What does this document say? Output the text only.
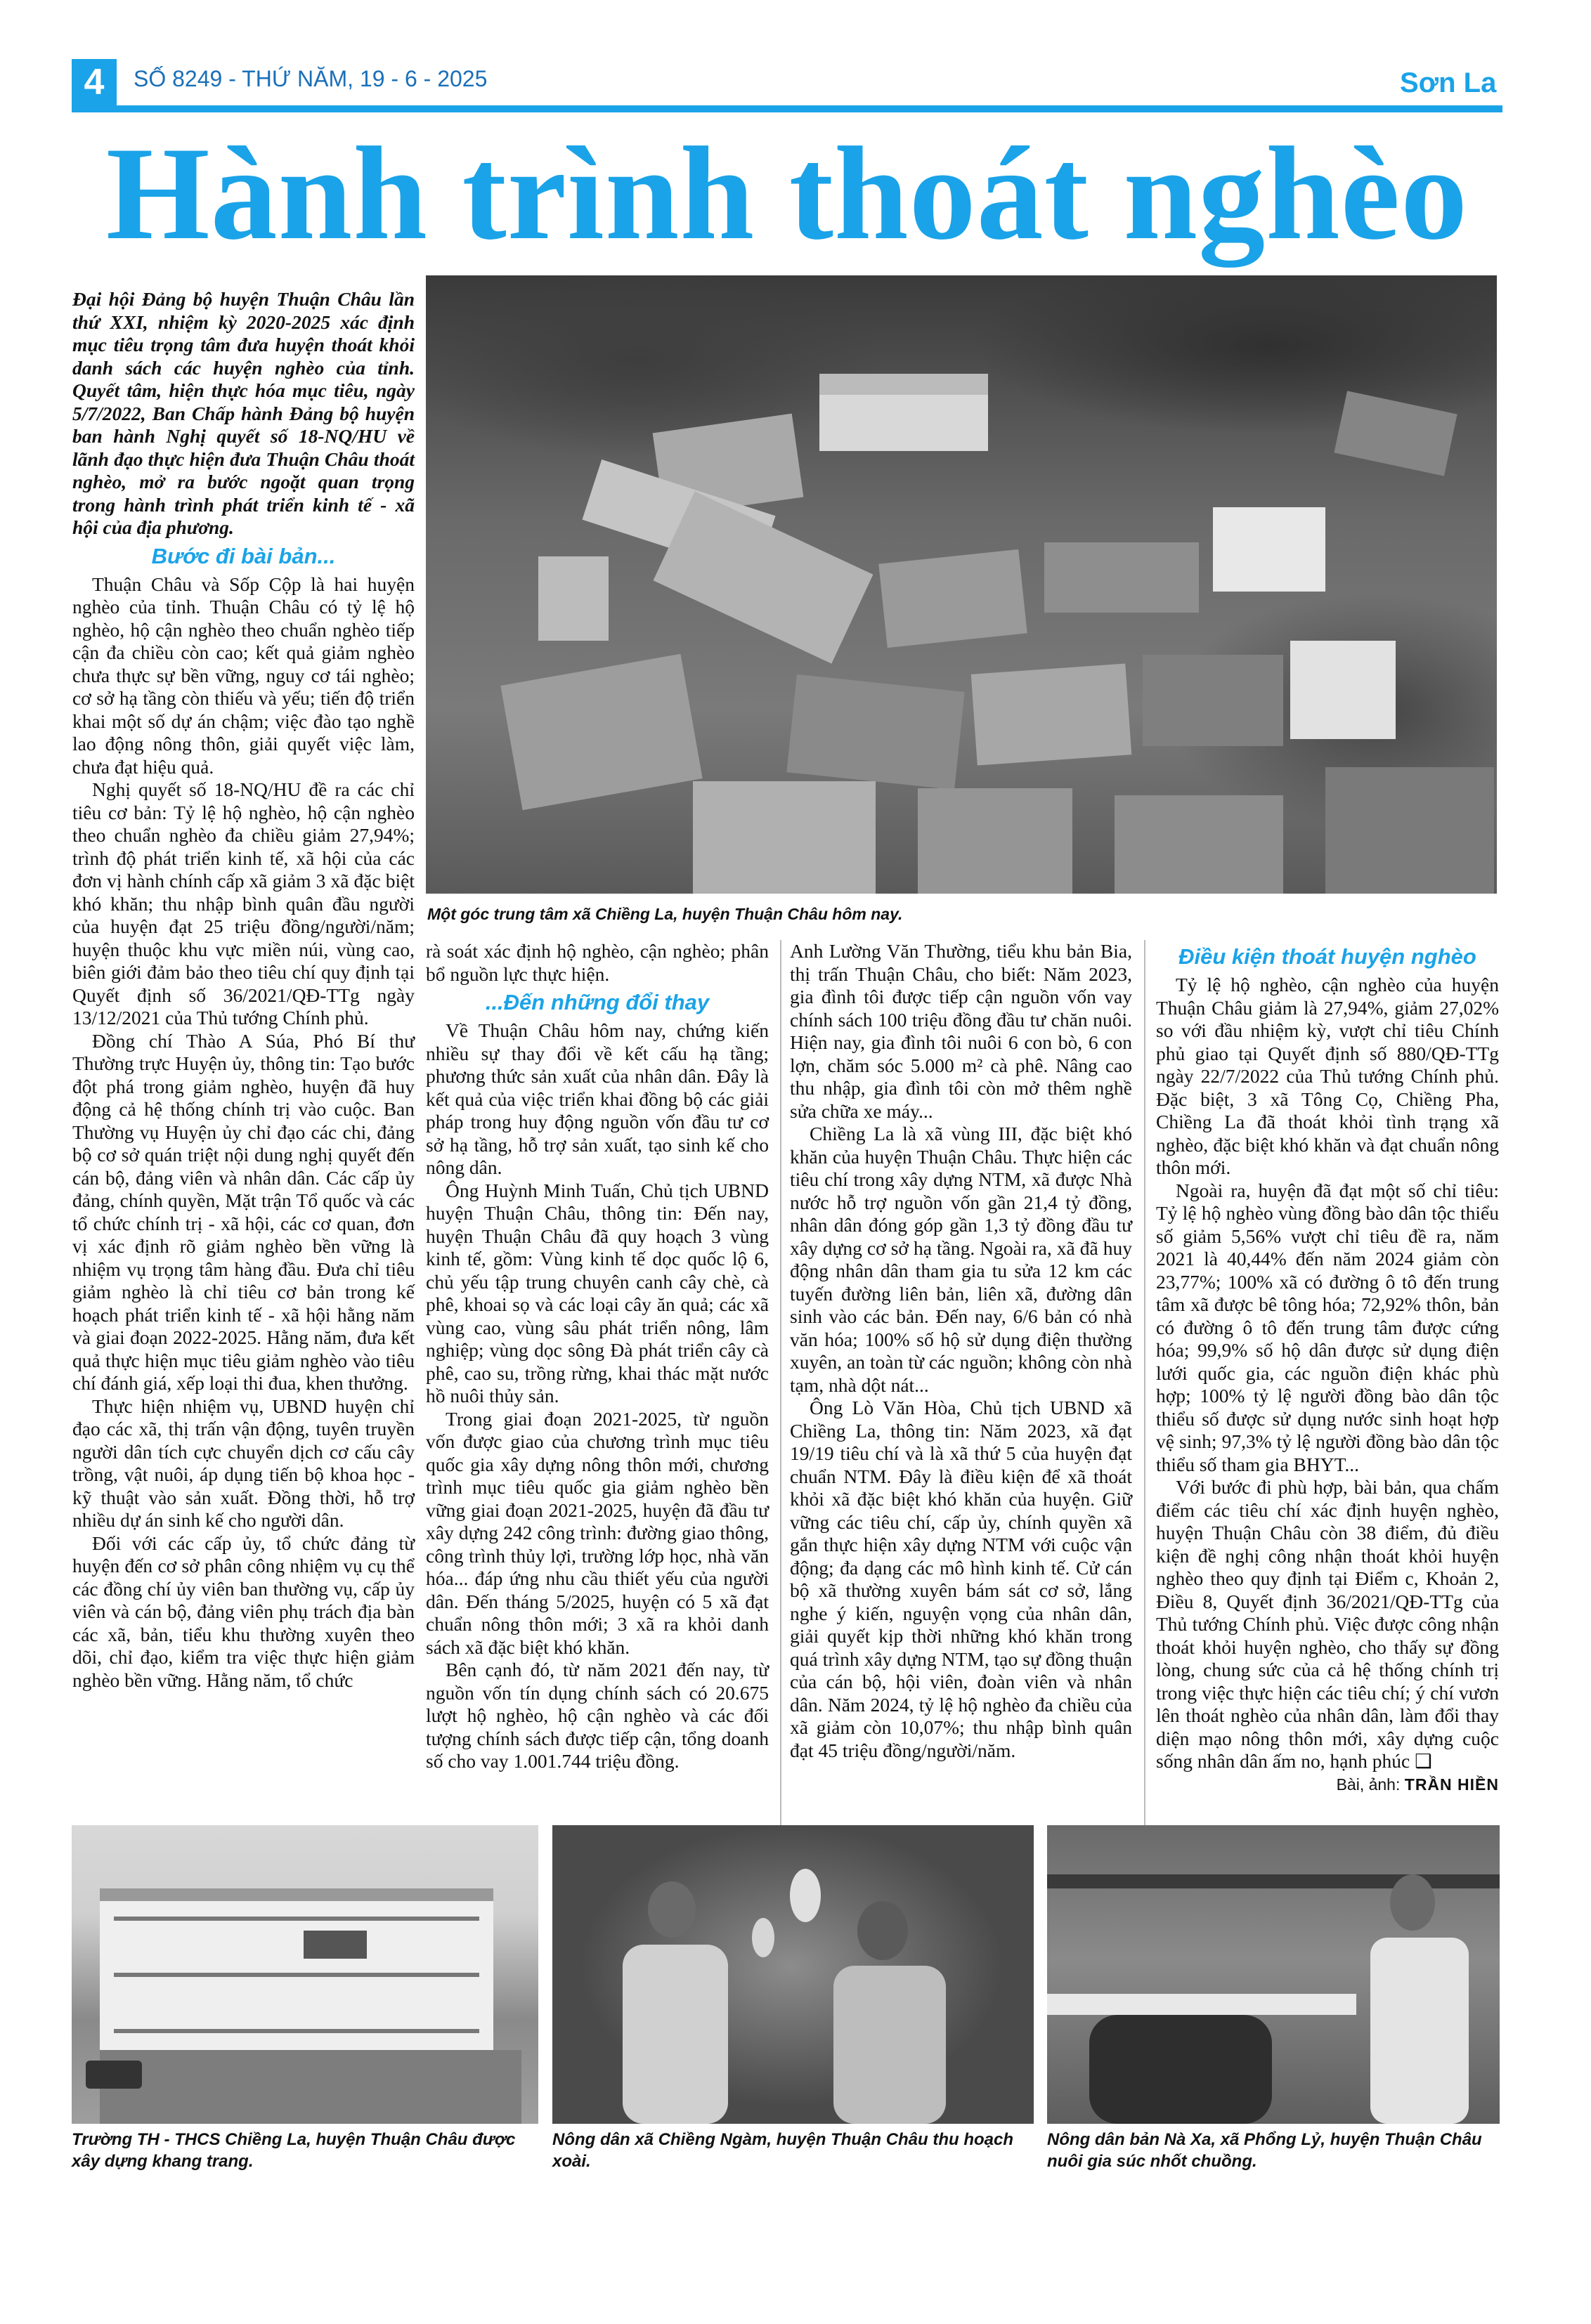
4	SỐ 8249 - THỨ NĂM, 19 - 6 - 2025	Sơn La
Hành trình thoát nghèo
Một góc trung tâm xã Chiềng La, huyện Thuận Châu hôm nay.

Đại hội Đảng bộ huyện Thuận Châu lần thứ XXI, nhiệm kỳ 2020-2025 xác định mục tiêu trọng tâm đưa huyện thoát khỏi danh sách các huyện nghèo của tỉnh. Quyết tâm, hiện thực hóa mục tiêu, ngày 5/7/2022, Ban Chấp hành Đảng bộ huyện ban hành Nghị quyết số 18-NQ/HU về lãnh đạo thực hiện đưa Thuận Châu thoát nghèo, mở ra bước ngoặt quan trọng trong hành trình phát triển kinh tế - xã hội của địa phương.

Bước đi bài bản...

Thuận Châu và Sốp Cộp là hai huyện nghèo của tỉnh. Thuận Châu có tỷ lệ hộ nghèo, hộ cận nghèo theo chuẩn nghèo tiếp cận đa chiều còn cao; kết quả giảm nghèo chưa thực sự bền vững, nguy cơ tái nghèo; cơ sở hạ tầng còn thiếu và yếu; tiến độ triển khai một số dự án chậm; việc đào tạo nghề lao động nông thôn, giải quyết việc làm, chưa đạt hiệu quả.

Nghị quyết số 18-NQ/HU đề ra các chỉ tiêu cơ bản: Tỷ lệ hộ nghèo, hộ cận nghèo theo chuẩn nghèo đa chiều giảm 27,94%; trình độ phát triển kinh tế, xã hội của các đơn vị hành chính cấp xã giảm 3 xã đặc biệt khó khăn; thu nhập bình quân đầu người của huyện đạt 25 triệu đồng/người/năm; huyện thuộc khu vực miền núi, vùng cao, biên giới đảm bảo theo tiêu chí quy định tại Quyết định số 36/2021/QĐ-TTg ngày 13/12/2021 của Thủ tướng Chính phủ.

Đồng chí Thào A Súa, Phó Bí thư Thường trực Huyện ủy, thông tin: Tạo bước đột phá trong giảm nghèo, huyện đã huy động cả hệ thống chính trị vào cuộc. Ban Thường vụ Huyện ủy chỉ đạo các chi, đảng bộ cơ sở quán triệt nội dung nghị quyết đến cán bộ, đảng viên và nhân dân. Các cấp ủy đảng, chính quyền, Mặt trận Tổ quốc và các tổ chức chính trị - xã hội, các cơ quan, đơn vị xác định rõ giảm nghèo bền vững là nhiệm vụ trọng tâm hàng đầu. Đưa chỉ tiêu giảm nghèo là chỉ tiêu cơ bản trong kế hoạch phát triển kinh tế - xã hội hằng năm và giai đoạn 2022-2025. Hằng năm, đưa kết quả thực hiện mục tiêu giảm nghèo vào tiêu chí đánh giá, xếp loại thi đua, khen thưởng.

Thực hiện nhiệm vụ, UBND huyện chỉ đạo các xã, thị trấn vận động, tuyên truyền người dân tích cực chuyển dịch cơ cấu cây trồng, vật nuôi, áp dụng tiến bộ khoa học - kỹ thuật vào sản xuất. Đồng thời, hỗ trợ nhiều dự án sinh kế cho người dân.

Đối với các cấp ủy, tổ chức đảng từ huyện đến cơ sở phân công nhiệm vụ cụ thể các đồng chí ủy viên ban thường vụ, cấp ủy viên và cán bộ, đảng viên phụ trách địa bàn các xã, bản, tiểu khu thường xuyên theo dõi, chỉ đạo, kiểm tra việc thực hiện giảm nghèo bền vững. Hằng năm, tổ chức

rà soát xác định hộ nghèo, cận nghèo; phân bổ nguồn lực thực hiện.

...Đến những đổi thay

Về Thuận Châu hôm nay, chứng kiến nhiều sự thay đổi về kết cấu hạ tầng; phương thức sản xuất của nhân dân. Đây là kết quả của việc triển khai đồng bộ các giải pháp trong huy động nguồn vốn đầu tư cơ sở hạ tầng, hỗ trợ sản xuất, tạo sinh kế cho nông dân.

Ông Huỳnh Minh Tuấn, Chủ tịch UBND huyện Thuận Châu, thông tin: Đến nay, huyện Thuận Châu đã quy hoạch 3 vùng kinh tế, gồm: Vùng kinh tế dọc quốc lộ 6, chủ yếu tập trung chuyên canh cây chè, cà phê, khoai sọ và các loại cây ăn quả; các xã vùng cao, vùng sâu phát triển nông, lâm nghiệp; vùng dọc sông Đà phát triển cây cà phê, cao su, trồng rừng, khai thác mặt nước hồ nuôi thủy sản.

Trong giai đoạn 2021-2025, từ nguồn vốn được giao của chương trình mục tiêu quốc gia xây dựng nông thôn mới, chương trình mục tiêu quốc gia giảm nghèo bền vững giai đoạn 2021-2025, huyện đã đầu tư xây dựng 242 công trình: đường giao thông, công trình thủy lợi, trường lớp học, nhà văn hóa... đáp ứng nhu cầu thiết yếu của người dân. Đến tháng 5/2025, huyện có 5 xã đạt chuẩn nông thôn mới; 3 xã ra khỏi danh sách xã đặc biệt khó khăn.

Bên cạnh đó, từ năm 2021 đến nay, từ nguồn vốn tín dụng chính sách có 20.675 lượt hộ nghèo, hộ cận nghèo và các đối tượng chính sách được tiếp cận, tổng doanh số cho vay 1.001.744 triệu đồng.

Anh Lường Văn Thường, tiểu khu bản Bia, thị trấn Thuận Châu, cho biết: Năm 2023, gia đình tôi được tiếp cận nguồn vốn vay chính sách 100 triệu đồng đầu tư chăn nuôi. Hiện nay, gia đình tôi nuôi 6 con bò, 6 con lợn, chăm sóc 5.000 m² cà phê. Nâng cao thu nhập, gia đình tôi còn mở thêm nghề sửa chữa xe máy...

Chiềng La là xã vùng III, đặc biệt khó khăn của huyện Thuận Châu. Thực hiện các tiêu chí trong xây dựng NTM, xã được Nhà nước hỗ trợ nguồn vốn gần 21,4 tỷ đồng, nhân dân đóng góp gần 1,3 tỷ đồng đầu tư xây dựng cơ sở hạ tầng. Ngoài ra, xã đã huy động nhân dân tham gia tu sửa 12 km các tuyến đường liên bản, liên xã, đường dân sinh vào các bản. Đến nay, 6/6 bản có nhà văn hóa; 100% số hộ sử dụng điện thường xuyên, an toàn từ các nguồn; không còn nhà tạm, nhà dột nát...

Ông Lò Văn Hòa, Chủ tịch UBND xã Chiềng La, thông tin: Năm 2023, xã đạt 19/19 tiêu chí và là xã thứ 5 của huyện đạt chuẩn NTM. Đây là điều kiện để xã thoát khỏi xã đặc biệt khó khăn của huyện. Giữ vững các tiêu chí, cấp ủy, chính quyền xã gắn thực hiện xây dựng NTM với cuộc vận động; đa dạng các mô hình kinh tế. Cử cán bộ xã thường xuyên bám sát cơ sở, lắng nghe ý kiến, nguyện vọng của nhân dân, giải quyết kịp thời những khó khăn trong quá trình xây dựng NTM, tạo sự đồng thuận của cán bộ, hội viên, đoàn viên và nhân dân. Năm 2024, tỷ lệ hộ nghèo đa chiều của xã giảm còn 10,07%; thu nhập bình quân đạt 45 triệu đồng/người/năm.

Điều kiện thoát huyện nghèo

Tỷ lệ hộ nghèo, cận nghèo của huyện Thuận Châu giảm là 27,94%, giảm 27,02% so với đầu nhiệm kỳ, vượt chỉ tiêu Chính phủ giao tại Quyết định số 880/QĐ-TTg ngày 22/7/2022 của Thủ tướng Chính phủ. Đặc biệt, 3 xã Tông Cọ, Chiềng Pha, Chiềng La đã thoát khỏi tình trạng xã nghèo, đặc biệt khó khăn và đạt chuẩn nông thôn mới.

Ngoài ra, huyện đã đạt một số chỉ tiêu: Tỷ lệ hộ nghèo vùng đồng bào dân tộc thiểu số giảm 5,56% vượt chỉ tiêu đề ra, năm 2021 là 40,44% đến năm 2024 giảm còn 23,77%; 100% xã có đường ô tô đến trung tâm xã được bê tông hóa; 72,92% thôn, bản có đường ô tô đến trung tâm được cứng hóa; 99,9% số hộ dân được sử dụng điện lưới quốc gia, các nguồn điện khác phù hợp; 100% tỷ lệ người đồng bào dân tộc thiểu số được sử dụng nước sinh hoạt hợp vệ sinh; 97,3% tỷ lệ người đồng bào dân tộc thiểu số tham gia BHYT...

Với bước đi phù hợp, bài bản, qua chấm điểm các tiêu chí xác định huyện nghèo, huyện Thuận Châu còn 38 điểm, đủ điều kiện đề nghị công nhận thoát khỏi huyện nghèo theo quy định tại Điểm c, Khoản 2, Điều 8, Quyết định 36/2021/QĐ-TTg của Thủ tướng Chính phủ. Việc được công nhận thoát khỏi huyện nghèo, cho thấy sự đồng lòng, chung sức của cả hệ thống chính trị trong việc thực hiện các tiêu chí; ý chí vươn lên thoát nghèo của nhân dân, làm đổi thay diện mạo nông thôn mới, xây dựng cuộc sống nhân dân ấm no, hạnh phúc ❑

Bài, ảnh: TRẦN HIỀN

Trường TH - THCS Chiềng La, huyện Thuận Châu được xây dựng khang trang.
Nông dân xã Chiềng Ngàm, huyện Thuận Châu thu hoạch xoài.
Nông dân bản Nà Xa, xã Phổng Lỷ, huyện Thuận Châu nuôi gia súc nhốt chuồng.
